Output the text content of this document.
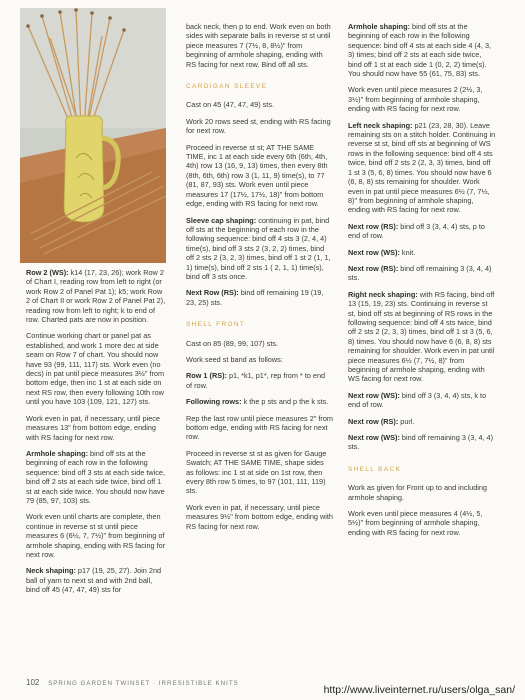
Row 2 (WS): k14 (17, 23, 26); work Row 2 of Chart I, reading row from left to right (or work Row 2 of Panel Pat 1); k5; work Row 2 of Chart II or work Row 2 of Panel Pat 2), reading row from left to right; k to end of row. Charted pats are now in position.

Continue working chart or panel pat as established, and work 1 more dec at side seam on Row 7 of chart. You should now have 93 (99, 111, 117) sts. Work even (no decs) in pat until piece measures 3½" from bottom edge, then inc 1 st at each side on next RS row, then every following 10th row until you have 103 (109, 121, 127) sts.

Work even in pat, if necessary, until piece measures 13" from bottom edge, ending with RS facing for next row.

Armhole shaping: bind off sts at the beginning of each row in the following sequence: bind off 3 sts at each side twice, bind off 2 sts at each side twice, bind off 1 st at each side twice. You should now have 79 (85, 97, 103) sts.

Work even until charts are complete, then continue in reverse st st until piece measures 6 (6½, 7, 7½)" from beginning of armhole shaping, ending with RS facing for next row.

Neck shaping: p17 (19, 25, 27). Join 2nd ball of yarn to next st and with 2nd ball, bind off 45 (47, 47, 49) sts for

back neck, then p to end. Work even on both sides with separate balls in reverse st st until piece measures 7 (7½, 8, 8½)" from beginning of armhole shaping, ending with RS facing for next row. Bind off all sts.

CARDIGAN SLEEVE

Cast on 45 (47, 47, 49) sts.

Work 20 rows seed st, ending with RS facing for next row.

Proceed in reverse st st; AT THE SAME TIME, inc 1 at each side every 6th (6th, 4th, 4th) row 13 (16, 9, 13) times, then every 8th (8th, 6th, 6th) row 3 (1, 11, 9) time(s), to 77 (81, 87, 93) sts. Work even until piece measures 17 (17½, 17½, 18)" from bottom edge, ending with RS facing for next row.

Sleeve cap shaping: continuing in pat, bind off sts at the beginning of each row in the following sequence: bind off 4 sts 3 (2, 4, 4) time(s), bind off 3 sts 2 (3, 2, 2) times, bind off 2 sts 2 (3, 2, 3) times, bind off 1 st 2 (1, 1, 1) time(s), bind off 2 sts 1 ( 2, 1, 1) time(s), bind off 3 sts once.

Next Row (RS): bind off remaining 19 (19, 23, 25) sts.

SHELL FRONT

Cast on 85 (89, 99, 107) sts.

Work seed st band as follows:

Row 1 (RS): p1, *k1, p1*, rep from * to end of row.

Following rows: k the p sts and p the k sts.

Rep the last row until piece measures 2" from bottom edge, ending with RS facing for next row.

Proceed in reverse st st as given for Gauge Swatch; AT THE SAME TIME, shape sides as follows: inc 1 st at side on 1st row, then every 8th row 5 times, to 97 (101, 111, 119) sts.

Work even in pat, if necessary, until piece measures 9½" from bottom edge, ending with RS facing for next row.

Armhole shaping: bind off sts at the beginning of each row in the following sequence: bind off 4 sts at each side 4 (4, 3, 3) times; bind off 2 sts at each side twice, bind off 1 st at each side 1 (0, 2, 2) time(s). You should now have 55 (61, 75, 83) sts.

Work even until piece measures 2 (2½, 3, 3½)" from beginning of armhole shaping, ending with RS facing for next row.

Left neck shaping: p21 (23, 28, 30). Leave remaining sts on a stitch holder. Continuing in reverse st st, bind off sts at beginning of WS rows in the following sequence: bind off 4 sts twice, bind off 2 sts 2 (2, 3, 3) times, bind off 1 st 3 (5, 6, 8) times. You should now have 6 (6, 8, 8) sts remaining for shoulder. Work even in pat until piece measures 6½ (7, 7½, 8)" from beginning of armhole shaping, ending with RS facing for next row.

Next row (RS): bind off 3 (3, 4, 4) sts, p to end of row.

Next row (WS): knit.

Next row (RS): bind off remaining 3 (3, 4, 4) sts.

Right neck shaping: with RS facing, bind off 13 (15, 19, 23) sts. Continuing in reverse st st, bind off sts at beginning of RS rows in the following sequence: bind off 4 sts twice, bind off 2 sts 2 (2, 3, 3) times, bind off 1 st 3 (5, 6, 8) times. You should now have 6 (6, 8, 8) sts remaining for shoulder. Work even in pat until piece measures 6½ (7, 7½, 8)" from beginning of armhole shaping, ending with WS facing for next row.

Next row (WS): bind off 3 (3, 4, 4) sts, k to end of row.

Next row (RS): purl.

Next row (WS): bind off remaining 3 (3, 4, 4) sts.

SHELL BACK

Work as given for Front up to and including armhole shaping.

Work even until piece measures 4 (4½, 5, 5½)" from beginning of armhole shaping, ending with RS facing for next row.

102 SPRING GARDEN TWINSET · IRRESISTIBLE KNITS
http://www.liveinternet.ru/users/olga_san/
